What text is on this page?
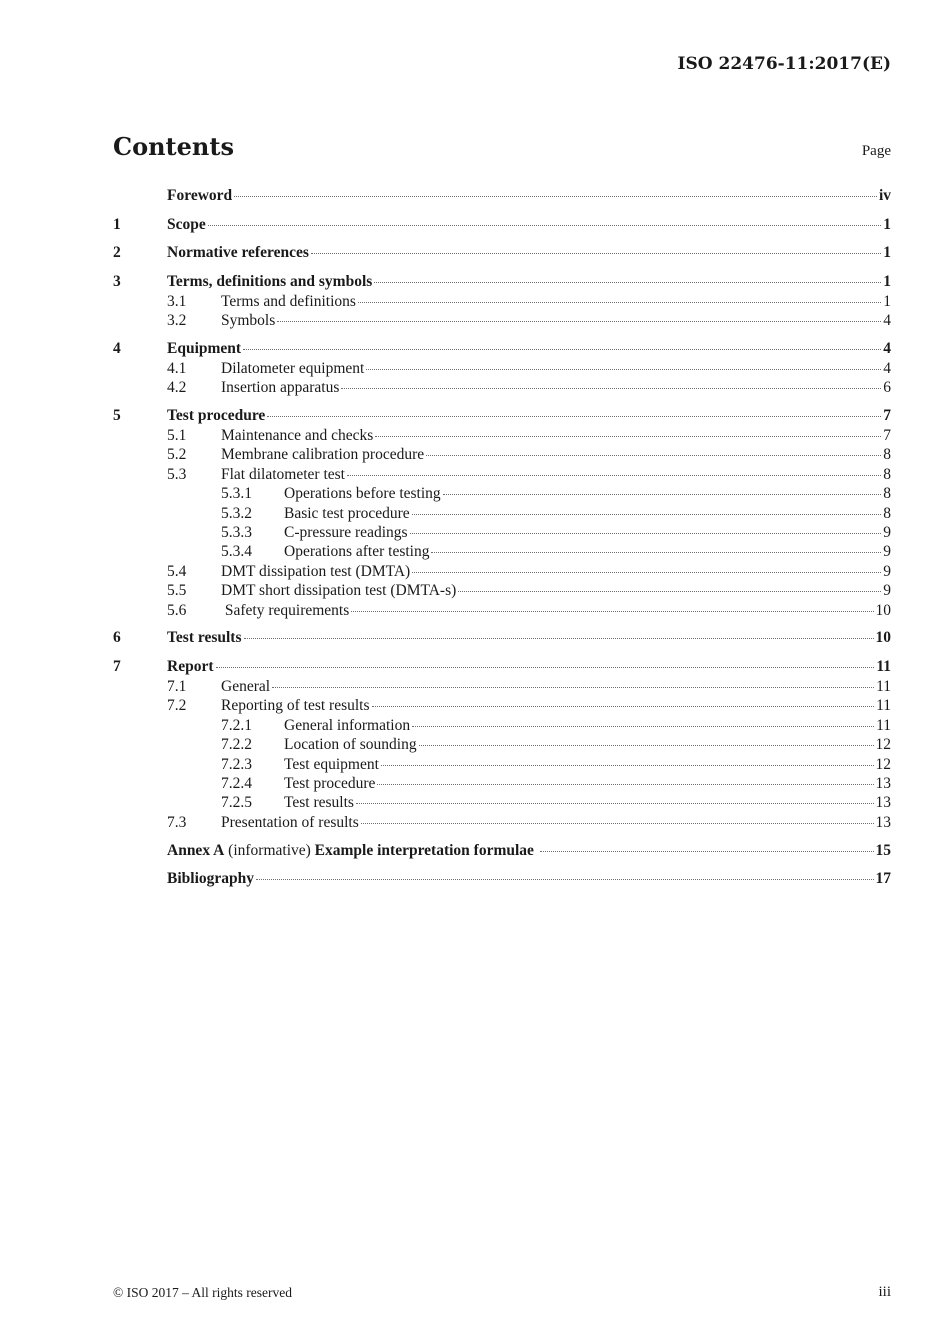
ISO 22476-11:2017(E)
Contents	Page
Foreword	iv
1	Scope	1
2	Normative references	1
3	Terms, definitions and symbols	1
3.1	Terms and definitions	1
3.2	Symbols	4
4	Equipment	4
4.1	Dilatometer equipment	4
4.2	Insertion apparatus	6
5	Test procedure	7
5.1	Maintenance and checks	7
5.2	Membrane calibration procedure	8
5.3	Flat dilatometer test	8
5.3.1	Operations before testing	8
5.3.2	Basic test procedure	8
5.3.3	C-pressure readings	9
5.3.4	Operations after testing	9
5.4	DMT dissipation test (DMTA)	9
5.5	DMT short dissipation test (DMTA-s)	9
5.6	Safety requirements	10
6	Test results	10
7	Report	11
7.1	General	11
7.2	Reporting of test results	11
7.2.1	General information	11
7.2.2	Location of sounding	12
7.2.3	Test equipment	12
7.2.4	Test procedure	13
7.2.5	Test results	13
7.3	Presentation of results	13
Annex A (informative) Example interpretation formulae	15
Bibliography	17
© ISO 2017 – All rights reserved	iii
